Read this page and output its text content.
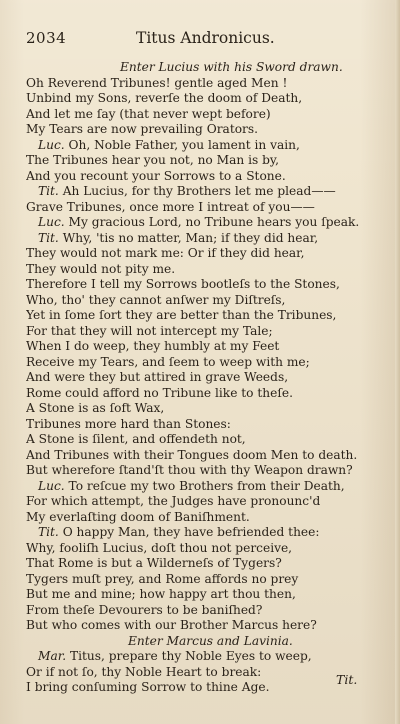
2034	Titus Andronicus.
Enter Lucius with his Sword drawn.
Oh Reverend Tribunes! gentle aged Men !
Unbind my Sons, reverſe the doom of Death,
And let me ſay (that never wept before)
My Tears are now prevailing Orators.
Luc. Oh, Noble Father, you lament in vain,
The Tribunes hear you not, no Man is by,
And you recount your Sorrows to a Stone.
Tit. Ah Lucius, for thy Brothers let me plead——
Grave Tribunes, once more I intreat of you——
Luc. My gracious Lord, no Tribune hears you ſpeak.
Tit. Why, 'tis no matter, Man; if they did hear,
They would not mark me: Or if they did hear,
They would not pity me.
Therefore I tell my Sorrows bootleſs to the Stones,
Who, tho' they cannot anſwer my Diſtreſs,
Yet in ſome ſort they are better than the Tribunes,
For that they will not intercept my Tale;
When I do weep, they humbly at my Feet
Receive my Tears, and ſeem to weep with me;
And were they but attired in grave Weeds,
Rome could afford no Tribune like to theſe.
A Stone is as ſoft Wax,
Tribunes more hard than Stones:
A Stone is ſilent, and offendeth not,
And Tribunes with their Tongues doom Men to death.
But wherefore ſtand'ſt thou with thy Weapon drawn?
Luc. To reſcue my two Brothers from their Death,
For which attempt, the Judges have pronounc'd
My everlaſting doom of Baniſhment.
Tit. O happy Man, they have befriended thee:
Why, fooliſh Lucius, doſt thou not perceive,
That Rome is but a Wilderneſs of Tygers?
Tygers muſt prey, and Rome affords no prey
But me and mine; how happy art thou then,
From theſe Devourers to be baniſhed?
But who comes with our Brother Marcus here?
Enter Marcus and Lavinia.
Mar. Titus, prepare thy Noble Eyes to weep,
Or if not ſo, thy Noble Heart to break:
I bring conſuming Sorrow to thine Age.	Tit.
